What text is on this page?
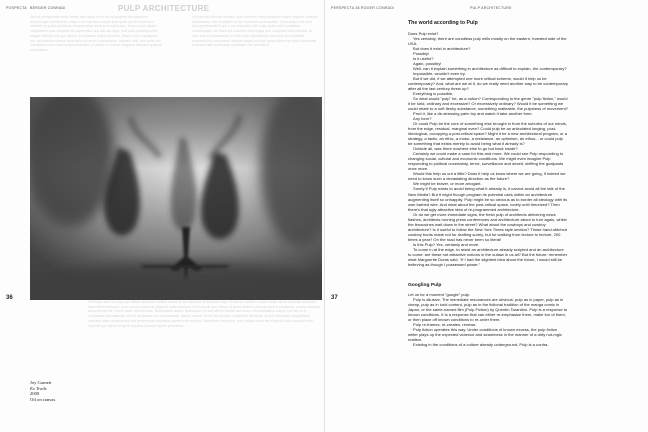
POSPECTA BERGER CONRADI	PULP ARCHITECTURE

Sed ut perspiciatis unde omnis iste natus error sit voluptatem accusantium doloremque laudantium, totam rem aperiam eaque ipsa quae ab illo inventore veritatis et quasi architecto beatae vitae dicta sunt explicabo. Nemo enim ipsam voluptatem quia voluptas sit aspernatur aut odit aut fugit, sed quia consequuntur magni dolores eos qui ratione voluptatem sequi nesciunt. Neque porro quisquam est, qui dolorem ipsum quia dolor sit amet, consectetur, adipisci velit, sed quia non numquam eius modi tempora incidunt ut labore et dolore magnam aliquam quaerat voluptatem.

Ut enim ad minima veniam, quis nostrum exercitationem ullam corporis suscipit laboriosam, nisi ut aliquid ex ea commodi consequatur. Quis autem vel eum iure reprehenderit qui in ea voluptate velit esse quam nihil molestiae consequatur, vel illum qui dolorem eum fugiat quo voluptas nulla pariatur. At vero eos et accusamus et iusto odio dignissimos ducimus qui blanditiis praesentium voluptatum deleniti atque corrupti quos dolores et quas molestias excepturi sint occaecati cupiditate non provident.

36

Similique sunt in culpa qui officia deserunt mollitia animi, id est laborum et dolorum fuga. Et harum quidem rerum facilis est et expedita distinctio. Nam libero tempore, cum soluta nobis est eligendi optio cumque nihil impedit quo minus id quod maxime placeat facere possimus, omnis voluptas assumenda est, omnis dolor repellendus. Temporibus autem quibusdam et aut officiis debitis aut rerum necessitatibus saepe eveniet ut et voluptates repudiandae sint et molestiae non recusandae. Itaque earum rerum hic tenetur a sapiente delectus, ut aut reiciendis voluptatibus maiores alias consequatur aut perferendis doloribus asperiores repellat. Nam libero tempore, cum soluta nobis est eligendi optio cumque nihil impedit quo minus id quod maxime placeat facere possimus.

Joy Garnett
Ex Trails
2000
Oil on canvas
PERSPECTA 38 ROGER CONRADI	PULP ARCHITECTURE
37
The world according to Pulp

Does Pulp exist?

Yes certainly, there are countless pulp mills mostly on the eastern, forested side of the USA.

But does it exist in architecture?

Possibly!

Is it useful?

Again, possibly!

Well, can it explain something in architecture as difficult to explain, the contemporary?

Impossible, wouldn't even try.

But if we did, if we attempted one more critical scheme, would it help us be contemporary? And, what are we at it, do we really need another way to be contemporary after all the last century threw up?

Everything is possible.

So what would "pulp" be, as a notion? Corresponding to the genre "pulp fiction," would it be lurid, ordinary and excessive? Or excessively ordinary? Would it be something we could relate to a soft fleshy substance, something malleable, the pulpiness of movement?

Prod it, like a de-stressing palm toy and watch it take another form.

Any form?

Or could Pulp be the core of something else brought in from the suburbs of our minds, from the edge, residual, marginal even? Could pulp be an articulated longing, post-ideological, occupying a post-critical space? Might it be a new architectural program, or a strategy, a tactic, an ethic, a motor, a resistance, an optimism, an ethos... or could pulp be something that exists merely to avoid being what it already is?

Outside all, was there nowhere else to go but back inside?

Certainly we could make a case for this and more. We could see Pulp responding to changing social, cultural and economic conditions. We might even imagine Pulp responding to political uncertainty, terror, surveillance and deceit, shifting the goalposts once more.

Would this help us out a little? Does it help us know where we are going, if indeed we need to know such a devastating direction as the future?

We might be braver, or more arrogant.

Surely if Pulp exists to avoid being what it already is, it cannot avoid all the talk of the New Media? But it might though program its potential uses within an architecture augmenting itself so unhappily. Pulp might be so obvious as to border all ideology with its own barbed wire. And what about the post-critical space, lonely until theorized? Then there's that ugly attractive idea of re-programmed architecture.

Or do we get more immediate signs, the fresh pulp of architects delivering news flashes, architects running press conferences and architecture about to turn again, whilst the limousines wait down in the street? What about the cowboys and cowboy architecture? Is it useful to follow the New York Times style section? Those hand-stitched cowboy boots made not for drafting surely, but for walking from lecture to lecture, 200 times a year? On the road has never been so literal!

Is this Pulp? Yes, certainly and more.

To come in at the edge, to resist an architecture already scripted and an architecture to come: are these not attractive notions in the outlaw in us all? But the future: remember what Marguerite Duras said, "If I had the slightest idea about the future, I would still be believing as though I possessed power."

Googling Pulp

Let us for a moment "google" pulp.

Pulp is allusive. The immediate resonances are obvious: pulp as in paper, pulp as in cheap, pulp as in lurid content, pulp as in the fictional tradition of the manga comic in Japan, or the same-named film (Pulp Fiction) by Quentin Tarantino. Pulp is a response to known conditions. It is a response that can either re-emphasize them, make fun of them, or then place off known conditions to re-order them.

Pulp re-frames, re-creates, renews.

Pulp fiction operates this way. Under conditions of known excess, the pulp fiction writer plays up the expected violence and seaminess in the manner of a dirty not-mgic realism.

Existing in the conditions of a culture already underground, Pulp is a contra-
